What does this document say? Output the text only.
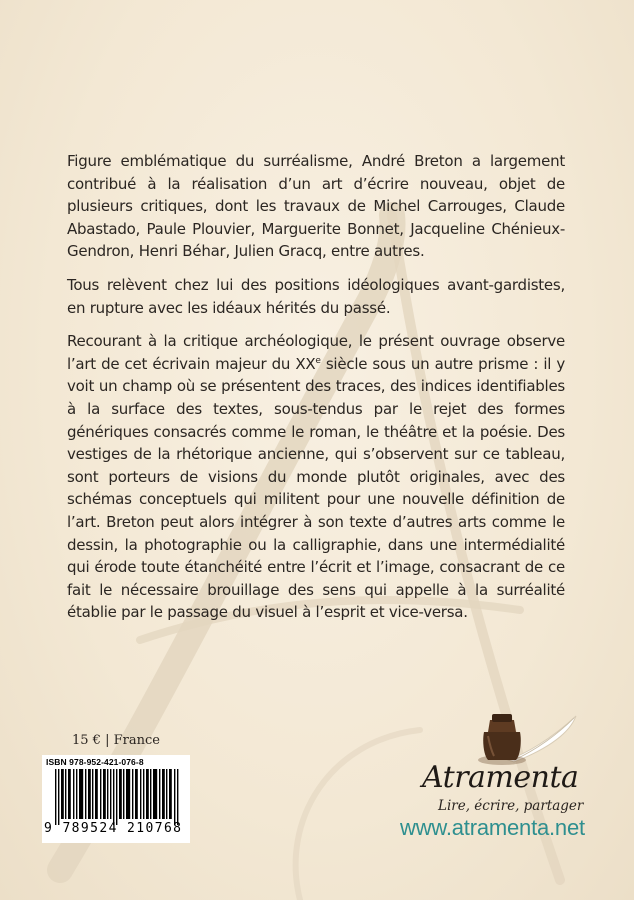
Figure emblématique du surréalisme, André Breton a largement contribué à la réalisation d’un art d’écrire nouveau, objet de plusieurs critiques, dont les travaux de Michel Carrouges, Claude Abastado, Paule Plouvier, Marguerite Bonnet, Jacqueline Chénieux-Gendron, Henri Béhar, Julien Gracq, entre autres.

Tous relèvent chez lui des positions idéologiques avant-gardistes, en rupture avec les idéaux hérités du passé.

Recourant à la critique archéologique, le présent ouvrage observe l’art de cet écrivain majeur du XXe siècle sous un autre prisme : il y voit un champ où se présentent des traces, des indices identifiables à la surface des textes, sous-tendus par le rejet des formes génériques consacrés comme le roman, le théâtre et la poésie. Des vestiges de la rhétorique ancienne, qui s’observent sur ce tableau, sont porteurs de visions du monde plutôt originales, avec des schémas conceptuels qui militent pour une nouvelle définition de l’art. Breton peut alors intégrer à son texte d’autres arts comme le dessin, la photographie ou la calligraphie, dans une intermédialité qui érode toute étanchéité entre l’écrit et l’image, consacrant de ce fait le nécessaire brouillage des sens qui appelle à la surréalité établie par le passage du visuel à l’esprit et vice-versa.

15 € | France
ISBN 978-952-421-076-8
9 789524 210768
Atramenta
Lire, écrire, partager
www.atramenta.net
